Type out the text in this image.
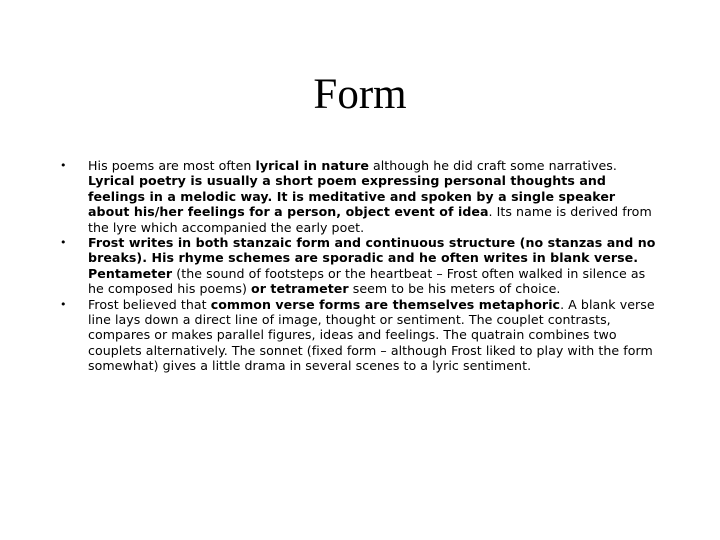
Form
• His poems are most often lyrical in nature although he did craft some narratives. Lyrical poetry is usually a short poem expressing personal thoughts and feelings in a melodic way. It is meditative and spoken by a single speaker about his/her feelings for a person, object event of idea. Its name is derived from the lyre which accompanied the early poet.
• Frost writes in both stanzaic form and continuous structure (no stanzas and no breaks). His rhyme schemes are sporadic and he often writes in blank verse. Pentameter (the sound of footsteps or the heartbeat – Frost often walked in silence as he composed his poems) or tetrameter seem to be his meters of choice.
• Frost believed that common verse forms are themselves metaphoric. A blank verse line lays down a direct line of image, thought or sentiment. The couplet contrasts, compares or makes parallel figures, ideas and feelings. The quatrain combines two couplets alternatively. The sonnet (fixed form – although Frost liked to play with the form somewhat) gives a little drama in several scenes to a lyric sentiment.
